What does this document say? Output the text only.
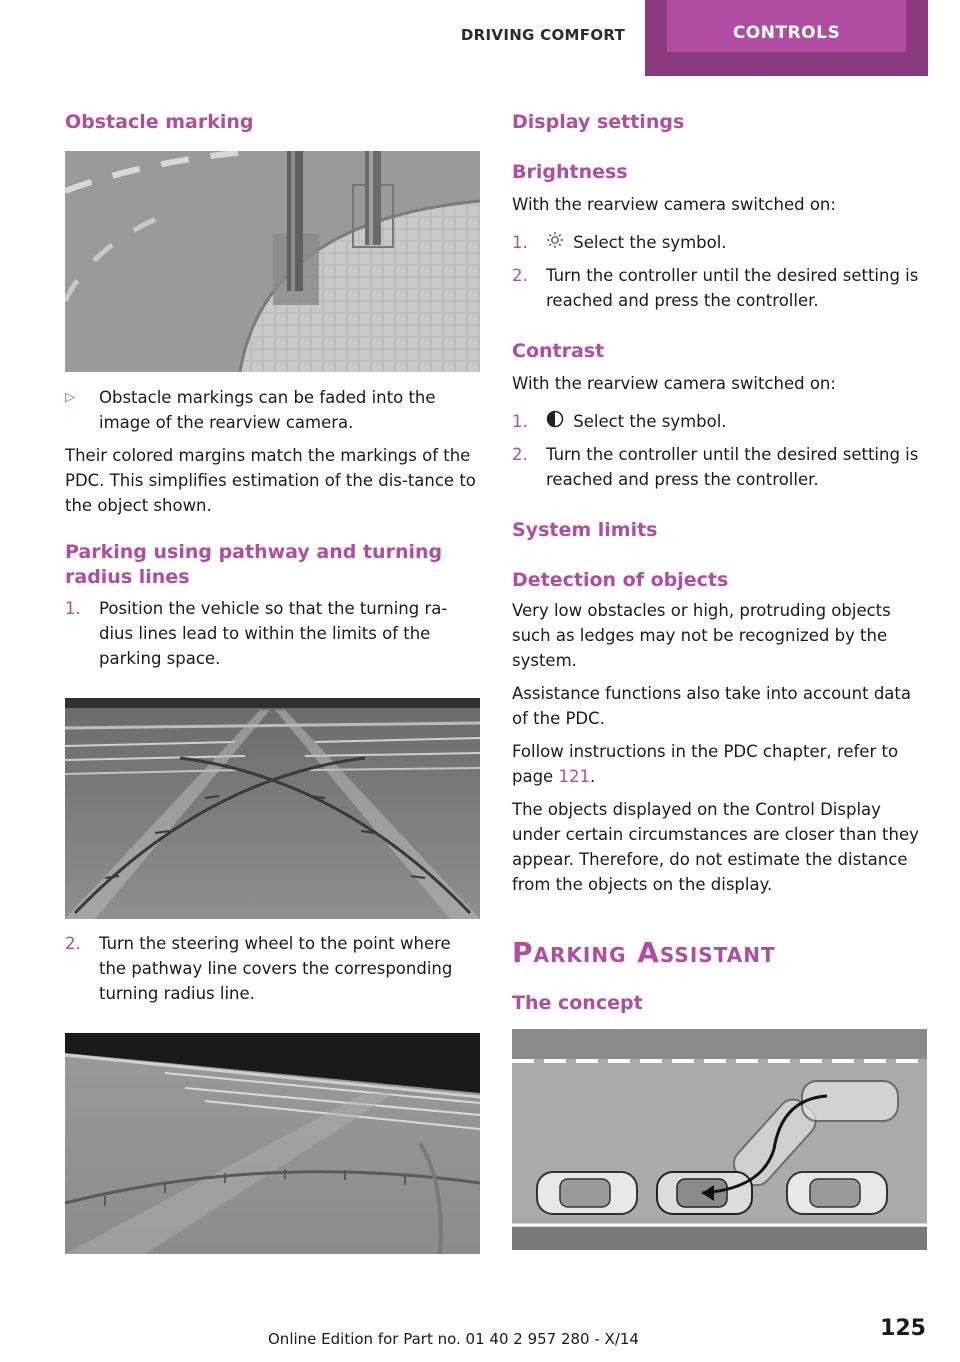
DRIVING COMFORT	CONTROLS
Obstacle marking
▷ Obstacle markings can be faded into the image of the rearview camera.

Their colored margins match the markings of the PDC. This simplifies estimation of the dis-tance to the object shown.

Parking using pathway and turning radius lines
1. Position the vehicle so that the turning ra-dius lines lead to within the limits of the parking space.
2. Turn the steering wheel to the point where the pathway line covers the corresponding turning radius line.
Display settings
Brightness

With the rearview camera switched on:

1.	Select the symbol.
2. Turn the controller until the desired setting is reached and press the controller.
Contrast

With the rearview camera switched on:

1.	Select the symbol.
2. Turn the controller until the desired setting is reached and press the controller.
System limits
Detection of objects

Very low obstacles or high, protruding objects such as ledges may not be recognized by the system.

Assistance functions also take into account data of the PDC.

Follow instructions in the PDC chapter, refer to page 121.

The objects displayed on the Control Display under certain circumstances are closer than they appear. Therefore, do not estimate the distance from the objects on the display.

Parking Assistant
The concept
Online Edition for Part no. 01 40 2 957 280 - X/14	125
